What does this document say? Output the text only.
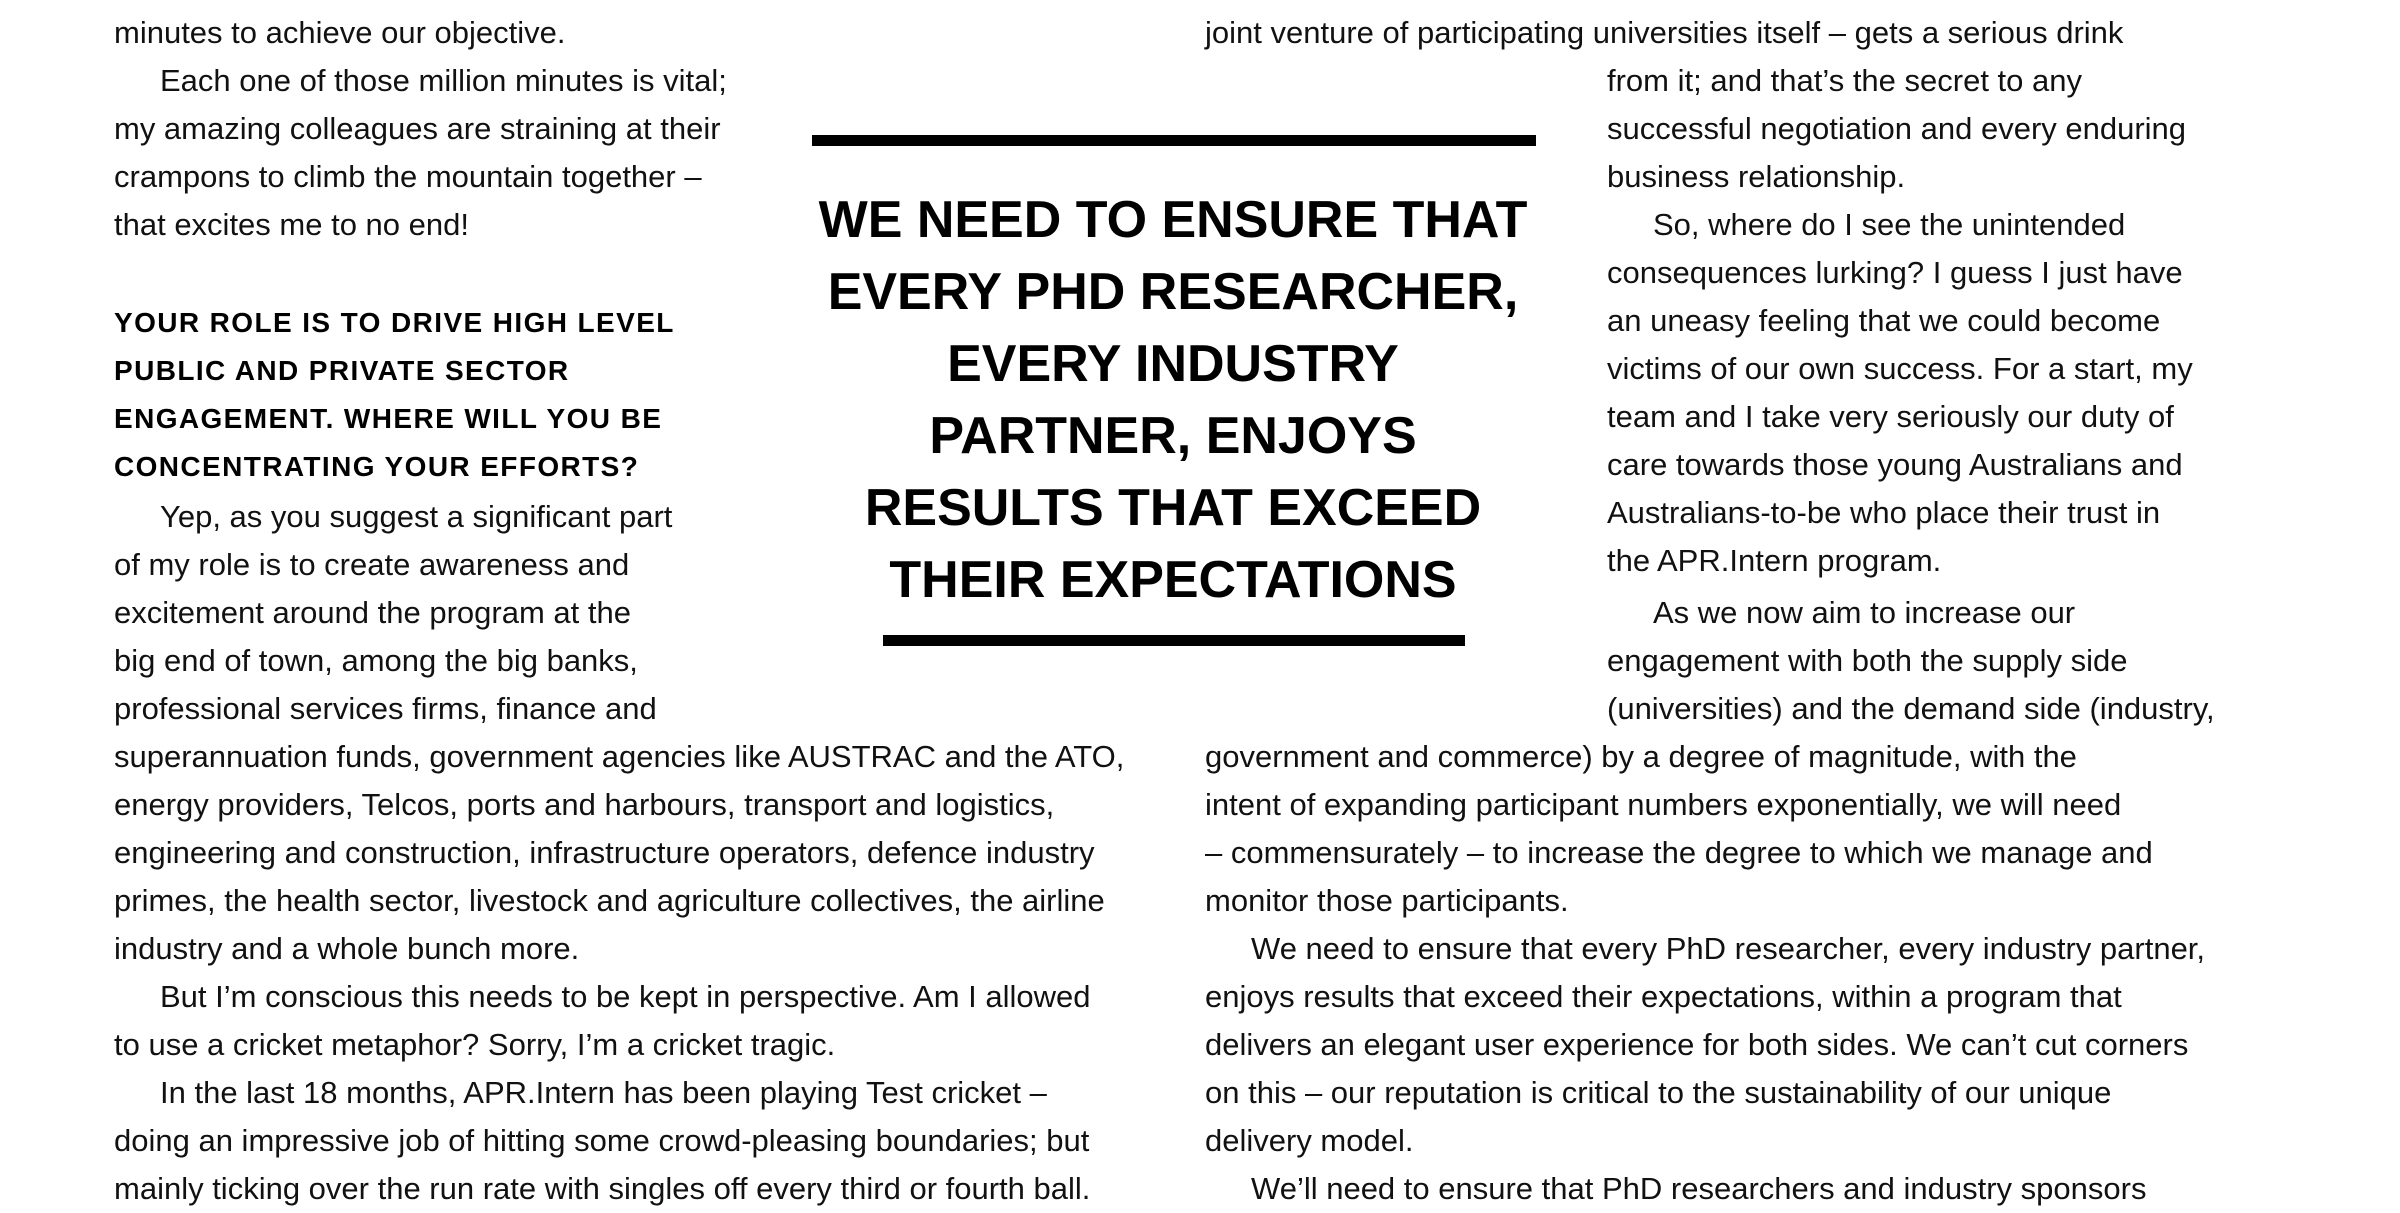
minutes to achieve our objective.

Each one of those million minutes is vital;

my amazing colleagues are straining at their

crampons to climb the mountain together –

that excites me to no end!

YOUR ROLE IS TO DRIVE HIGH LEVEL

PUBLIC AND PRIVATE SECTOR

ENGAGEMENT. WHERE WILL YOU BE

CONCENTRATING YOUR EFFORTS?

Yep, as you suggest a significant part

of my role is to create awareness and

excitement around the program at the

big end of town, among the big banks,

professional services firms, finance and

superannuation funds, government agencies like AUSTRAC and the ATO,

energy providers, Telcos, ports and harbours, transport and logistics,

engineering and construction, infrastructure operators, defence industry

primes, the health sector, livestock and agriculture collectives, the airline

industry and a whole bunch more.

But I’m conscious this needs to be kept in perspective. Am I allowed

to use a cricket metaphor? Sorry, I’m a cricket tragic.

In the last 18 months, APR.Intern has been playing Test cricket –

doing an impressive job of hitting some crowd-pleasing boundaries; but

mainly ticking over the run rate with singles off every third or fourth ball.

WE NEED TO ENSURE THAT

EVERY PHD RESEARCHER,

EVERY INDUSTRY

PARTNER, ENJOYS

RESULTS THAT EXCEED

THEIR EXPECTATIONS

joint venture of participating universities itself – gets a serious drink

from it; and that’s the secret to any

successful negotiation and every enduring

business relationship.

So, where do I see the unintended

consequences lurking? I guess I just have

an uneasy feeling that we could become

victims of our own success. For a start, my

team and I take very seriously our duty of

care towards those young Australians and

Australians-to-be who place their trust in

the APR.Intern program.

As we now aim to increase our

engagement with both the supply side

(universities) and the demand side (industry,

government and commerce) by a degree of magnitude, with the

intent of expanding participant numbers exponentially, we will need

– commensurately – to increase the degree to which we manage and

monitor those participants.

We need to ensure that every PhD researcher, every industry partner,

enjoys results that exceed their expectations, within a program that

delivers an elegant user experience for both sides. We can’t cut corners

on this – our reputation is critical to the sustainability of our unique

delivery model.

We’ll need to ensure that PhD researchers and industry sponsors
